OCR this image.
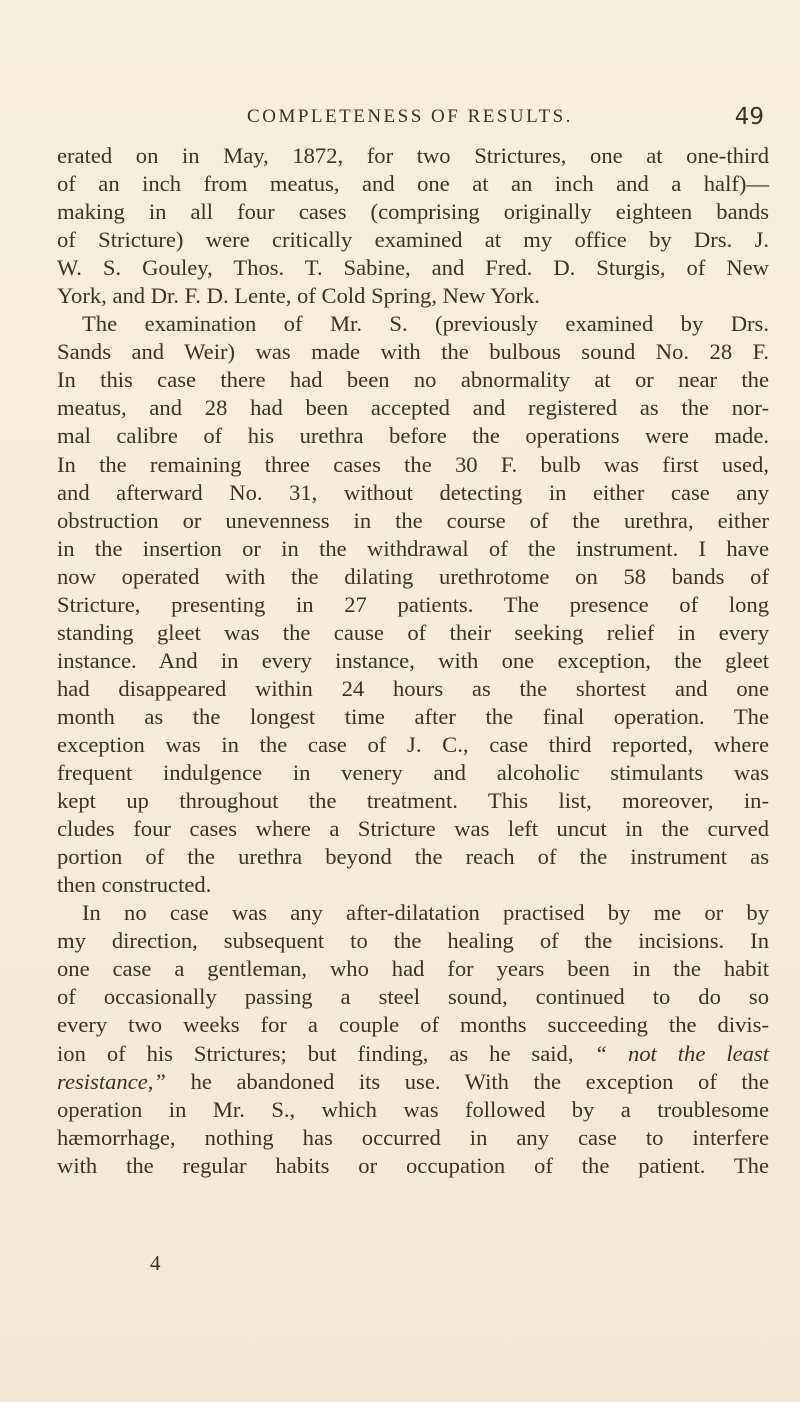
COMPLETENESS OF RESULTS.	49
erated on in May, 1872, for two Strictures, one at one-third
of an inch from meatus, and one at an inch and a half)—
making in all four cases (comprising originally eighteen bands
of Stricture) were critically examined at my office by Drs. J.
W. S. Gouley, Thos. T. Sabine, and Fred. D. Sturgis, of New
York, and Dr. F. D. Lente, of Cold Spring, New York.
The examination of Mr. S. (previously examined by Drs.
Sands and Weir) was made with the bulbous sound No. 28 F.
In this case there had been no abnormality at or near the
meatus, and 28 had been accepted and registered as the nor-
mal calibre of his urethra before the operations were made.
In the remaining three cases the 30 F. bulb was first used,
and afterward No. 31, without detecting in either case any
obstruction or unevenness in the course of the urethra, either
in the insertion or in the withdrawal of the instrument. I have
now operated with the dilating urethrotome on 58 bands of
Stricture, presenting in 27 patients. The presence of long
standing gleet was the cause of their seeking relief in every
instance. And in every instance, with one exception, the gleet
had disappeared within 24 hours as the shortest and one
month as the longest time after the final operation. The
exception was in the case of J. C., case third reported, where
frequent indulgence in venery and alcoholic stimulants was
kept up throughout the treatment. This list, moreover, in-
cludes four cases where a Stricture was left uncut in the curved
portion of the urethra beyond the reach of the instrument as
then constructed.
In no case was any after-dilatation practised by me or by
my direction, subsequent to the healing of the incisions. In
one case a gentleman, who had for years been in the habit
of occasionally passing a steel sound, continued to do so
every two weeks for a couple of months succeeding the divis-
ion of his Strictures; but finding, as he said, “ not the least
resistance,” he abandoned its use. With the exception of the
operation in Mr. S., which was followed by a troublesome
hæmorrhage, nothing has occurred in any case to interfere
with the regular habits or occupation of the patient. The
4
